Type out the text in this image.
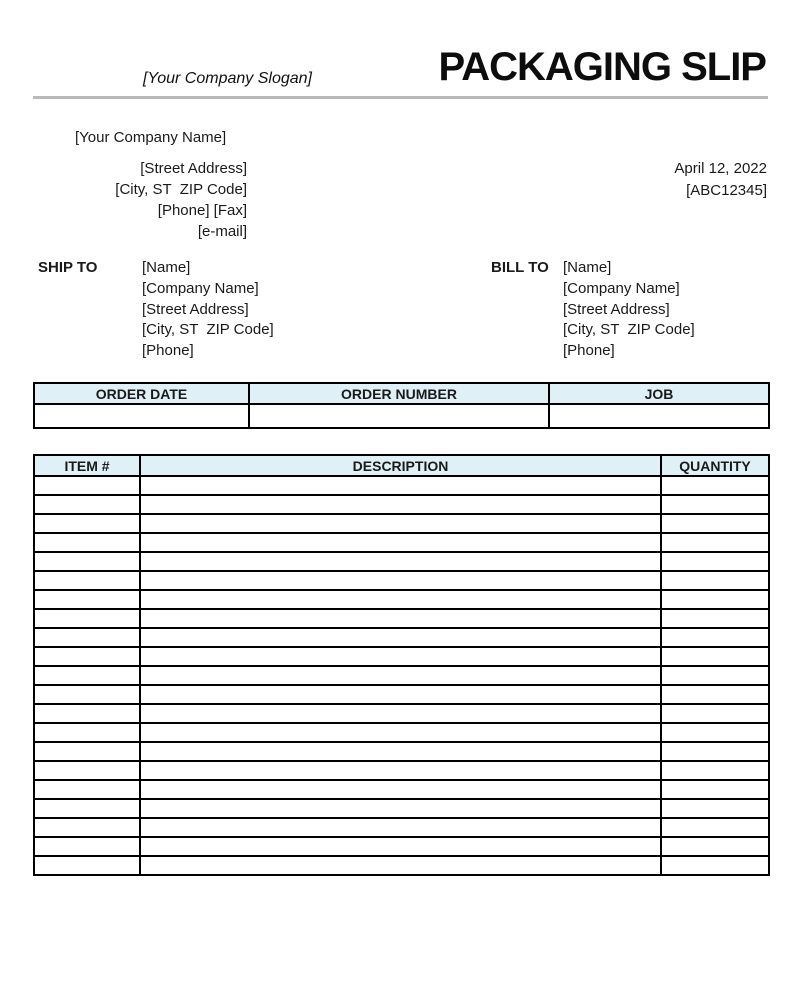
[Your Company Slogan]	PACKAGING SLIP
[Your Company Name]
[Street Address]
[City, ST  ZIP Code]
[Phone] [Fax]
[e-mail]
April 12, 2022
[ABC12345]
SHIP TO	[Name]
[Company Name]
[Street Address]
[City, ST  ZIP Code]
[Phone]
BILL TO [Name]
[Company Name]
[Street Address]
[City, ST  ZIP Code]
[Phone]
ORDER DATE	ORDER NUMBER	JOB

ITEM #	DESCRIPTION	QUANTITY
